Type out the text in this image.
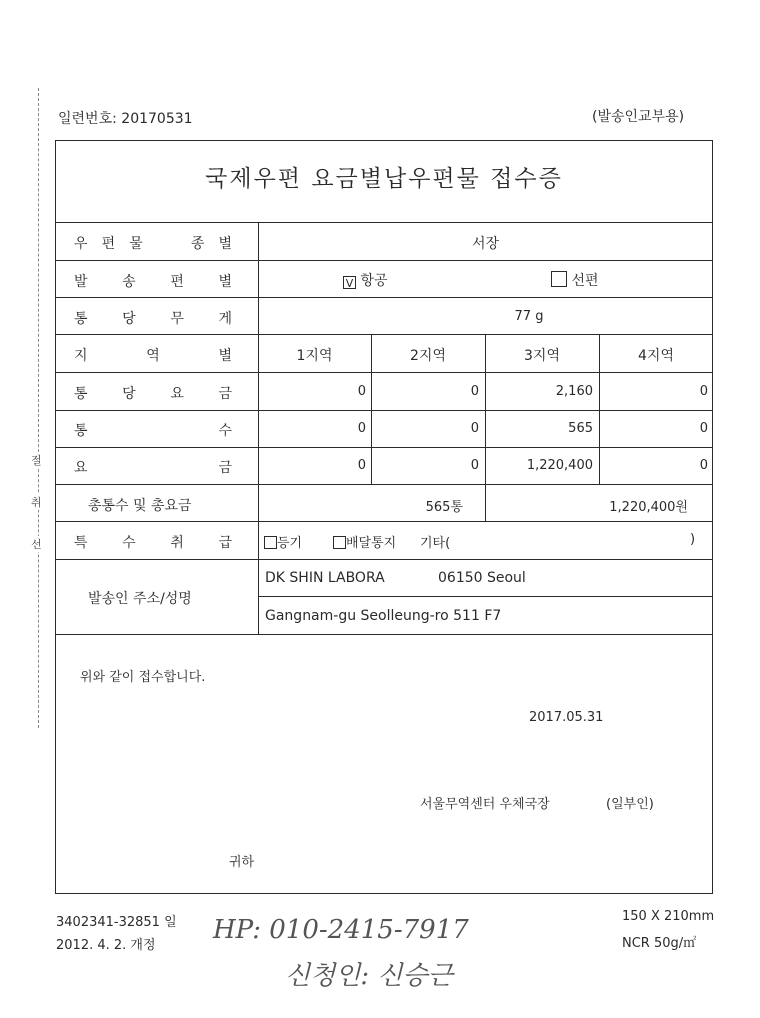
절
취
선
일련번호: 20170531	(발송인교부용)
국제우편 요금별납우편물 접수증
우 편 물	종 별	서장
발 송 편 별	V 항공	선편
통 당 무 게	77 g
지	역	별	1지역	2지역	3지역	4지역
통 당 요 금	0	0	2,160	0
통	수	0	0	565	0
요	금	0	0	1,220,400	0
총통수 및 총요금	565통	1,220,400원
특 수 취 급	등기	배달통지 기타(	)
발송인 주소/성명
DK SHIN LABORA	06150 Seoul
Gangnam-gu Seolleung-ro 511 F7
위와 같이 접수합니다.
2017.05.31
서울무역센터 우체국장	(일부인)
귀하
3402341-32851 일
2012. 4. 2. 개정
150 X 210mm
NCR 50g/㎡
HP: 010-2415-7917
신청인: 신승근
